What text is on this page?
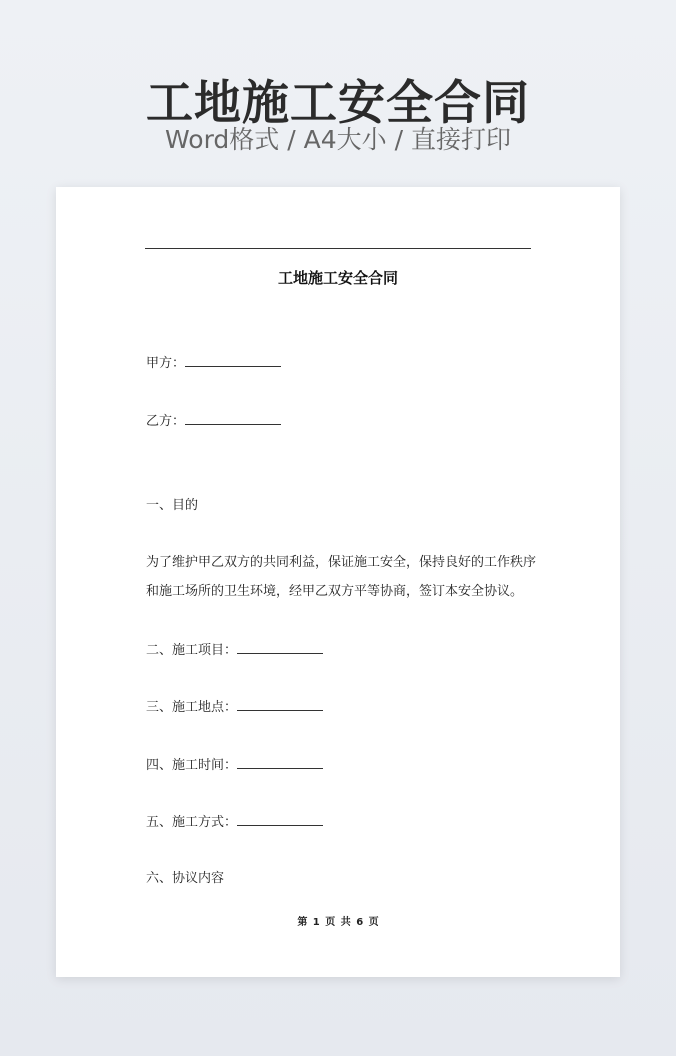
工地施工安全合同
Word格式 / A4大小 / 直接打印
工地施工安全合同
甲方：
乙方：
一、目的
为了维护甲乙双方的共同利益，保证施工安全，保持良好的工作秩序
和施工场所的卫生环境，经甲乙双方平等协商，签订本安全协议。
二、施工项目：
三、施工地点：
四、施工时间：
五、施工方式：
六、协议内容
第 1 页 共 6 页
